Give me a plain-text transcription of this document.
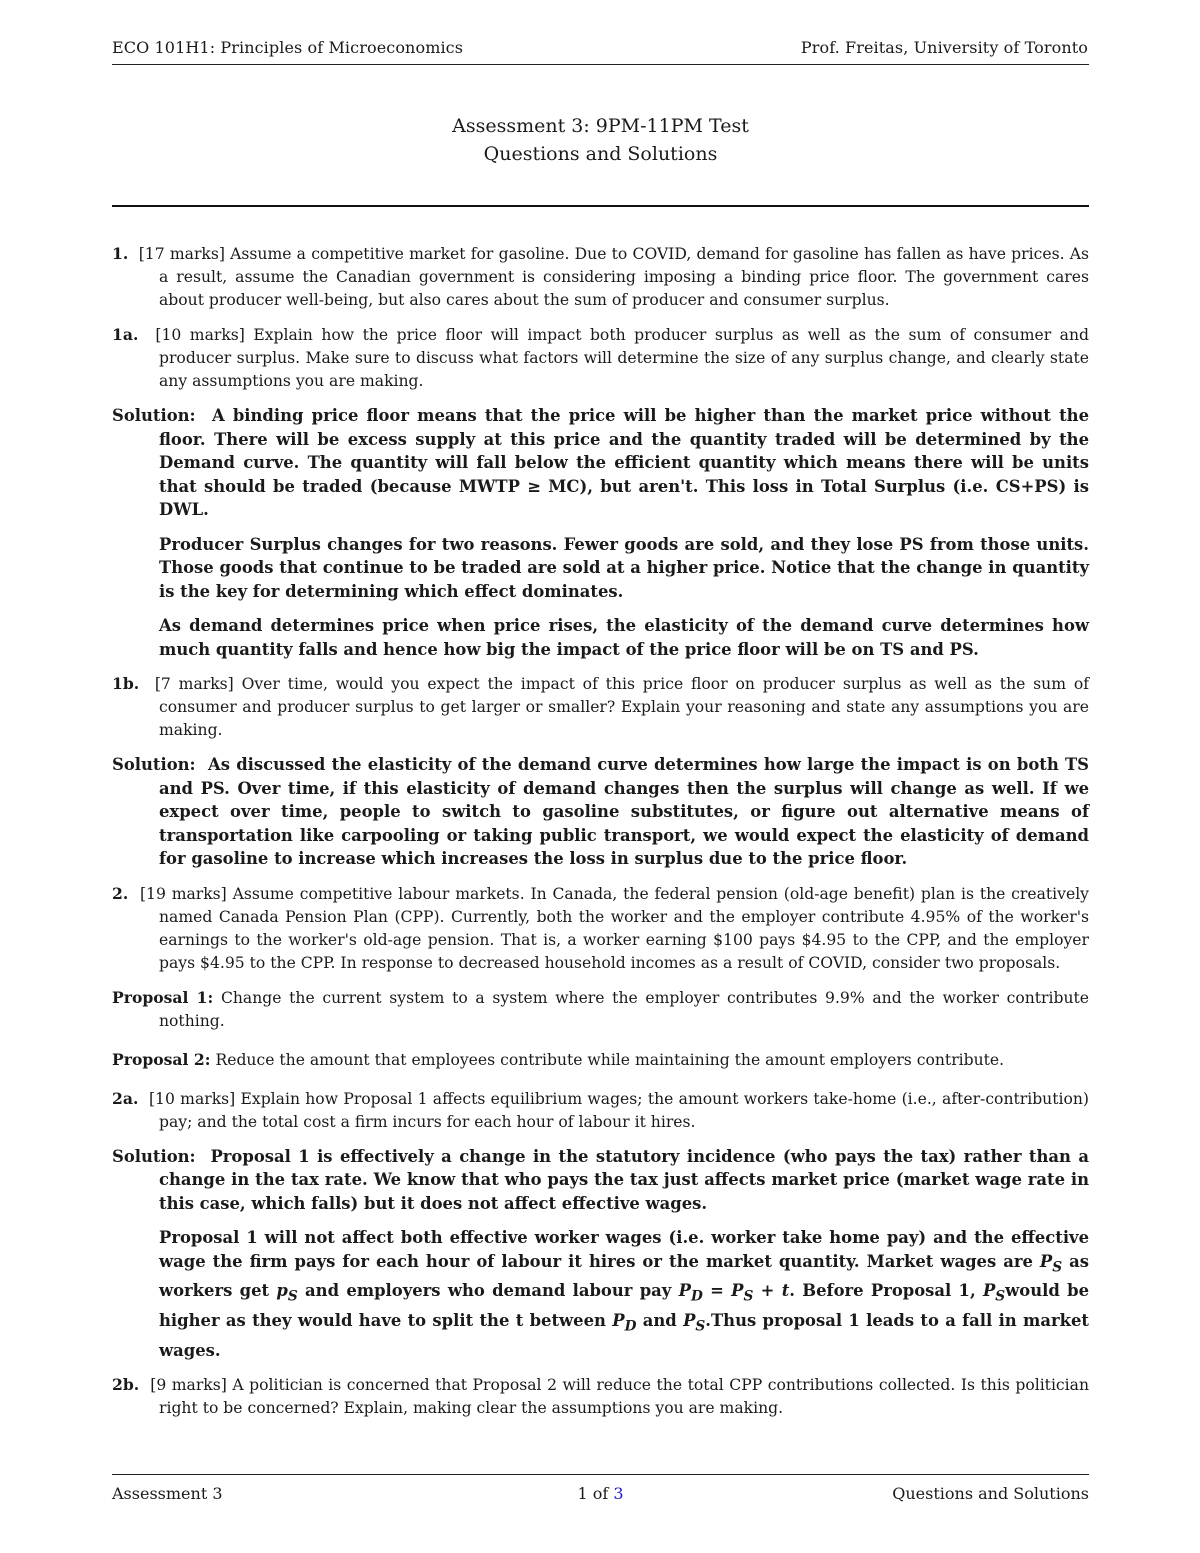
ECO 101H1: Principles of Microeconomics	Prof. Freitas, University of Toronto
Assessment 3: 9PM-11PM Test
Questions and Solutions

1. [17 marks] Assume a competitive market for gasoline. Due to COVID, demand for gasoline has fallen as have prices. As a result, assume the Canadian government is considering imposing a binding price floor. The government cares about producer well-being, but also cares about the sum of producer and consumer surplus.

1a. [10 marks] Explain how the price floor will impact both producer surplus as well as the sum of consumer and producer surplus. Make sure to discuss what factors will determine the size of any surplus change, and clearly state any assumptions you are making.

Solution: A binding price floor means that the price will be higher than the market price without the floor. There will be excess supply at this price and the quantity traded will be determined by the Demand curve. The quantity will fall below the efficient quantity which means there will be units that should be traded (because MWTP ≥ MC), but aren't. This loss in Total Surplus (i.e. CS+PS) is DWL.

Producer Surplus changes for two reasons. Fewer goods are sold, and they lose PS from those units. Those goods that continue to be traded are sold at a higher price. Notice that the change in quantity is the key for determining which effect dominates.

As demand determines price when price rises, the elasticity of the demand curve determines how much quantity falls and hence how big the impact of the price floor will be on TS and PS.

1b. [7 marks] Over time, would you expect the impact of this price floor on producer surplus as well as the sum of consumer and producer surplus to get larger or smaller? Explain your reasoning and state any assumptions you are making.

Solution: As discussed the elasticity of the demand curve determines how large the impact is on both TS and PS. Over time, if this elasticity of demand changes then the surplus will change as well. If we expect over time, people to switch to gasoline substitutes, or figure out alternative means of transportation like carpooling or taking public transport, we would expect the elasticity of demand for gasoline to increase which increases the loss in surplus due to the price floor.

2. [19 marks] Assume competitive labour markets. In Canada, the federal pension (old-age benefit) plan is the creatively named Canada Pension Plan (CPP). Currently, both the worker and the employer contribute 4.95% of the worker's earnings to the worker's old-age pension. That is, a worker earning $100 pays $4.95 to the CPP, and the employer pays $4.95 to the CPP. In response to decreased household incomes as a result of COVID, consider two proposals.

Proposal 1: Change the current system to a system where the employer contributes 9.9% and the worker contribute nothing.

Proposal 2: Reduce the amount that employees contribute while maintaining the amount employers contribute.

2a. [10 marks] Explain how Proposal 1 affects equilibrium wages; the amount workers take-home (i.e., after-contribution) pay; and the total cost a firm incurs for each hour of labour it hires.

Solution: Proposal 1 is effectively a change in the statutory incidence (who pays the tax) rather than a change in the tax rate. We know that who pays the tax just affects market price (market wage rate in this case, which falls) but it does not affect effective wages.

Proposal 1 will not affect both effective worker wages (i.e. worker take home pay) and the effective wage the firm pays for each hour of labour it hires or the market quantity. Market wages are $P_S$ as workers get $p_S$ and employers who demand labour pay $P_D = P_S + t$. Before Proposal 1, $P_Swould$ be higher as they would have to split the t between $P_D$ and $P_S.Thus$ proposal 1 leads to a fall in market wages.

2b. [9 marks] A politician is concerned that Proposal 2 will reduce the total CPP contributions collected. Is this politician right to be concerned? Explain, making clear the assumptions you are making.

Assessment 3	1 of 3	Questions and Solutions
